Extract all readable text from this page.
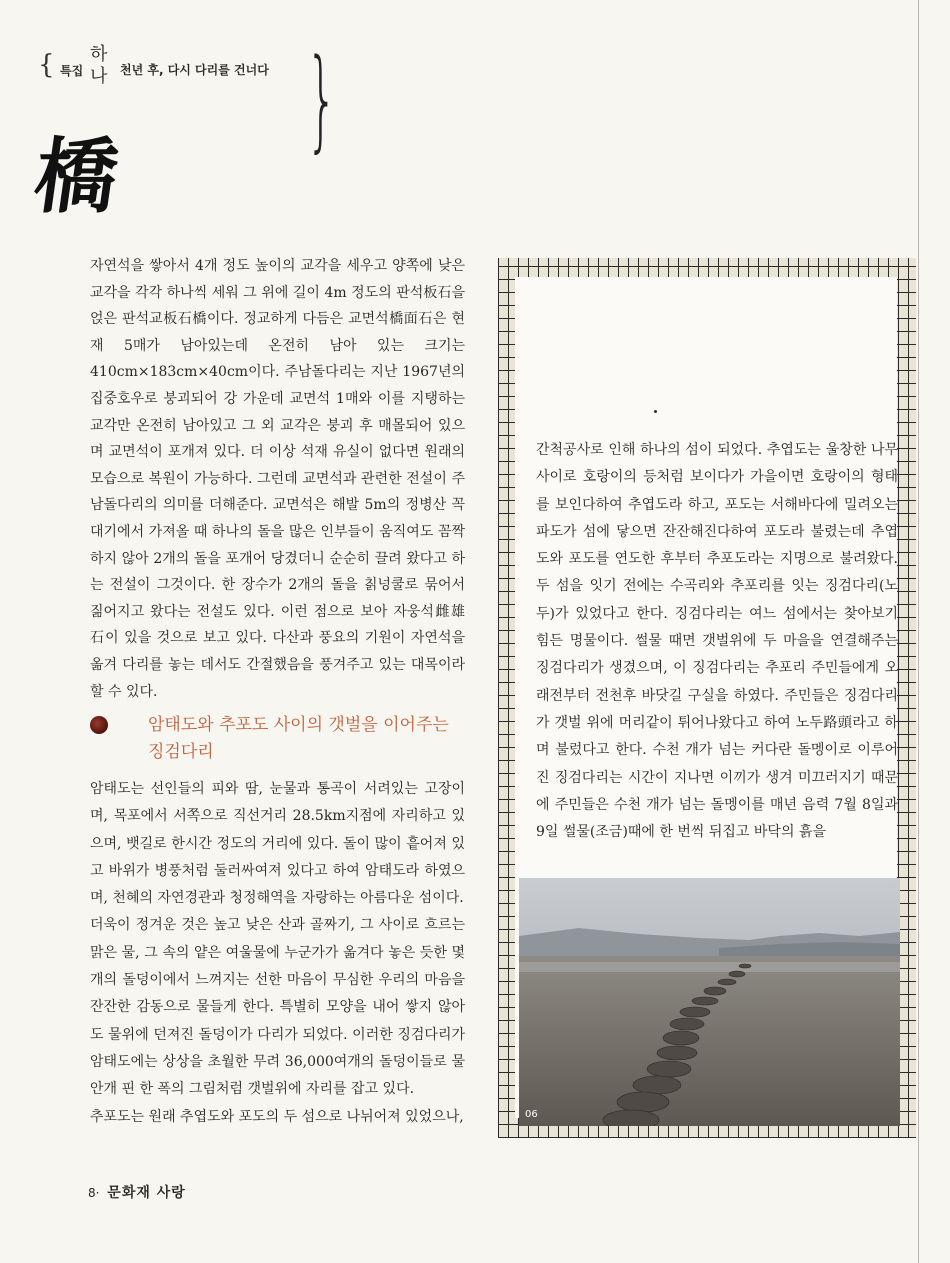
{ 특집
하나 천년 후, 다시 다리를 건너다 }
橋

자연석을 쌓아서 4개 정도 높이의 교각을 세우고 양쪽에 낮은 교각을 각각 하나씩 세워 그 위에 길이 4m 정도의 판석板石을 얹은 판석교板石橋이다. 정교하게 다듬은 교면석橋面石은 현재 5매가 남아있는데 온전히 남아 있는 크기는 410cm×183cm×40cm이다. 주남돌다리는 지난 1967년의 집중호우로 붕괴되어 강 가운데 교면석 1매와 이를 지탱하는 교각만 온전히 남아있고 그 외 교각은 붕괴 후 매몰되어 있으며 교면석이 포개져 있다. 더 이상 석재 유실이 없다면 원래의 모습으로 복원이 가능하다. 그런데 교면석과 관련한 전설이 주남돌다리의 의미를 더해준다. 교면석은 해발 5m의 정병산 꼭대기에서 가져올 때 하나의 돌을 많은 인부들이 움직여도 꼼짝하지 않아 2개의 돌을 포개어 당겼더니 순순히 끌려 왔다고 하는 전설이 그것이다. 한 장수가 2개의 돌을 칡넝쿨로 묶어서 짊어지고 왔다는 전설도 있다. 이런 점으로 보아 자웅석雌雄石이 있을 것으로 보고 있다. 다산과 풍요의 기원이 자연석을 옮겨 다리를 놓는 데서도 간절했음을 풍겨주고 있는 대목이라 할 수 있다.

암태도와 추포도 사이의 갯벌을 이어주는
징검다리

암태도는 선인들의 피와 땀, 눈물과 통곡이 서려있는 고장이며, 목포에서 서쪽으로 직선거리 28.5km지점에 자리하고 있으며, 뱃길로 한시간 정도의 거리에 있다. 돌이 많이 흩어져 있고 바위가 병풍처럼 둘러싸여져 있다고 하여 암태도라 하였으며, 천혜의 자연경관과 청정해역을 자랑하는 아름다운 섬이다.

더욱이 정겨운 것은 높고 낮은 산과 골짜기, 그 사이로 흐르는 맑은 물, 그 속의 얕은 여울물에 누군가가 옮겨다 놓은 듯한 몇 개의 돌덩이에서 느껴지는 선한 마음이 무심한 우리의 마음을 잔잔한 감동으로 물들게 한다. 특별히 모양을 내어 쌓지 않아도 물위에 던져진 돌덩이가 다리가 되었다. 이러한 징검다리가 암태도에는 상상을 초월한 무려 36,000여개의 돌덩이들로 물안개 핀 한 폭의 그림처럼 갯벌위에 자리를 잡고 있다.

추포도는 원래 추엽도와 포도의 두 섬으로 나뉘어져 있었으나,

간척공사로 인해 하나의 섬이 되었다. 추엽도는 울창한 나무사이로 호랑이의 등처럼 보이다가 가을이면 호랑이의 형태를 보인다하여 추엽도라 하고, 포도는 서해바다에 밀려오는 파도가 섬에 닿으면 잔잔해진다하여 포도라 불렸는데 추엽도와 포도를 연도한 후부터 추포도라는 지명으로 불려왔다. 두 섬을 잇기 전에는 수곡리와 추포리를 잇는 징검다리(노두)가 있었다고 한다. 징검다리는 여느 섬에서는 찾아보기 힘든 명물이다. 썰물 때면 갯벌위에 두 마을을 연결해주는 징검다리가 생겼으며, 이 징검다리는 추포리 주민들에게 오래전부터 전천후 바닷길 구실을 하였다. 주민들은 징검다리가 갯벌 위에 머리같이 튀어나왔다고 하여 노두路頭라고 하며 불렀다고 한다. 수천 개가 넘는 커다란 돌멩이로 이루어진 징검다리는 시간이 지나면 이끼가 생겨 미끄러지기 때문에 주민들은 수천 개가 넘는 돌멩이를 매년 음력 7월 8일과 9일 썰물(조금)때에 한 번씩 뒤집고 바닥의 흙을

06
8· 문화재 사랑
